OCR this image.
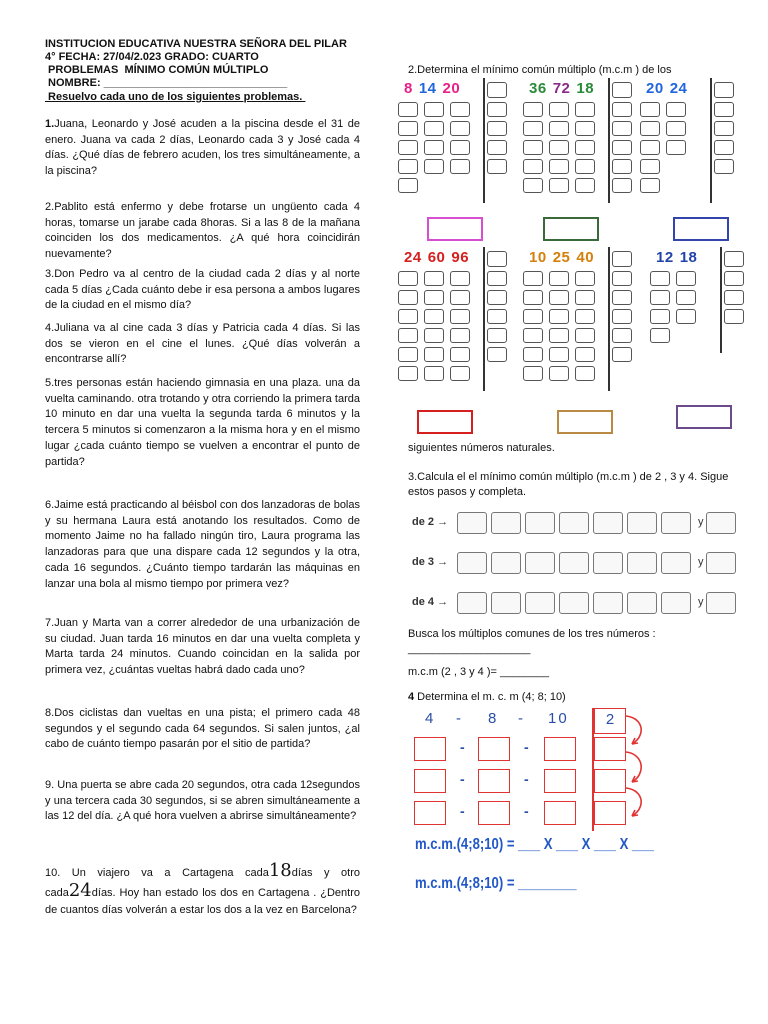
INSTITUCION EDUCATIVA NUESTRA SEÑORA DEL PILAR
4° FECHA: 27/04/2.023 GRADO: CUARTO
PROBLEMAS  MÍNIMO COMÚN MÚLTIPLO
NOMBRE: ______________________________
Resuelvo cada uno de los siguientes problemas.
1.Juana, Leonardo y José acuden a la piscina desde el 31 de enero. Juana va cada 2 días, Leonardo cada 3 y José cada 4 días. ¿Qué días de febrero acuden, los tres simultáneamente, a la piscina?
2.Pablito está enfermo y debe frotarse un ungüento cada 4 horas, tomarse un jarabe cada 8horas. Si a las 8 de la mañana coinciden los dos medicamentos. ¿A qué hora coincidirán nuevamente?
3.Don Pedro va al centro de la ciudad cada 2 días y al norte cada 5 días ¿Cada cuánto debe ir esa persona a ambos lugares de la ciudad en el mismo día?
4.Juliana va al cine cada 3 días y Patricia cada 4 días. Si las dos se vieron en el cine el lunes. ¿Qué días volverán a encontrarse allí?
5.tres personas están haciendo gimnasia en una plaza. una da vuelta caminando. otra trotando y otra corriendo la primera tarda 10 minuto en dar una vuelta la segunda tarda 6 minutos y la tercera 5 minutos si comenzaron a la misma hora y en el mismo lugar ¿cada cuánto tiempo se vuelven a encontrar el punto de partida?
6.Jaime está practicando al béisbol con dos lanzadoras de bolas y su hermana Laura está anotando los resultados. Como de momento Jaime no ha fallado ningún tiro, Laura programa las lanzadoras para que una dispare cada 12 segundos y la otra, cada 16 segundos. ¿Cuánto tiempo tardarán las máquinas en lanzar una bola al mismo tiempo por primera vez?
7.Juan y Marta van a correr alrededor de una urbanización de su ciudad. Juan tarda 16 minutos en dar una vuelta completa y Marta tarda 24 minutos. Cuando coincidan en la salida por primera vez, ¿cuántas vueltas habrá dado cada uno?
8.Dos ciclistas dan vueltas en una pista; el primero cada 48 segundos y el segundo cada 64 segundos. Si salen juntos, ¿al cabo de cuánto tiempo pasarán por el sitio de partida?
9. Una puerta se abre cada 20 segundos, otra cada 12segundos y una tercera cada 30 segundos, si se abren simultáneamente a las 12 del día. ¿A qué hora vuelven a abrirse simultáneamente?
10. Un viajero va a Cartagena cada18días y otro cada24días. Hoy han estado los dos en Cartagena . ¿Dentro de cuantos días volverán a estar los dos a la vez en Barcelona?
2.Determina el mínimo común múltiplo (m.c.m ) de los
siguientes números naturales.
8 14 20	36 72 18	20 24
24 60 96	10 25 40	12 18
3.Calcula el el mínimo común múltiplo (m.c.m ) de 2 , 3 y 4. Sigue estos pasos y completa.
de 2 →	y
de 3 →	y
de 4 →	y
Busca los múltiplos comunes de los tres números : ____________________
m.c.m (2 , 3 y 4 )= ________
4 Determina el m. c. m (4; 8; 10)
4 - 8 - 10	2
-	-
-	-
-	-
m.c.m.(4;8;10) = ___ X ___ X ___ X ___
m.c.m.(4;8;10) = ________
